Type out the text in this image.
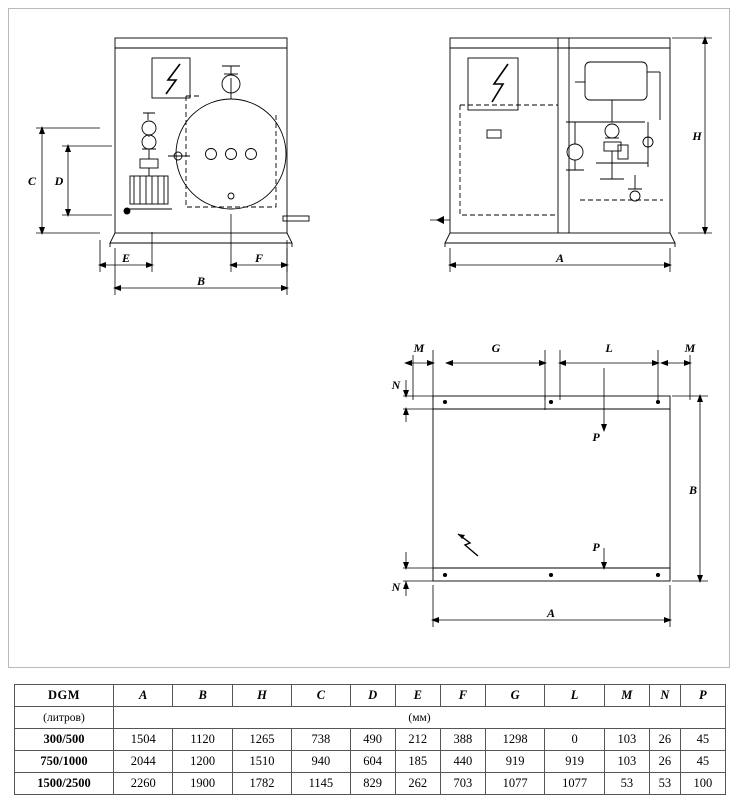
C D
E	F
B
H
A
M	G	L	M
N
N
P
P
B
A
DGM	A	B	H	C	D	E	F	G	L	M	N	P
(литров)	(мм)											
300/500	1504	1120	1265	738	490	212	388	1298	0	103	26	45
750/1000	2044	1200	1510	940	604	185	440	919	919	103	26	45
1500/2500	2260	1900	1782	1145	829	262	703	1077	1077	53	53	100
